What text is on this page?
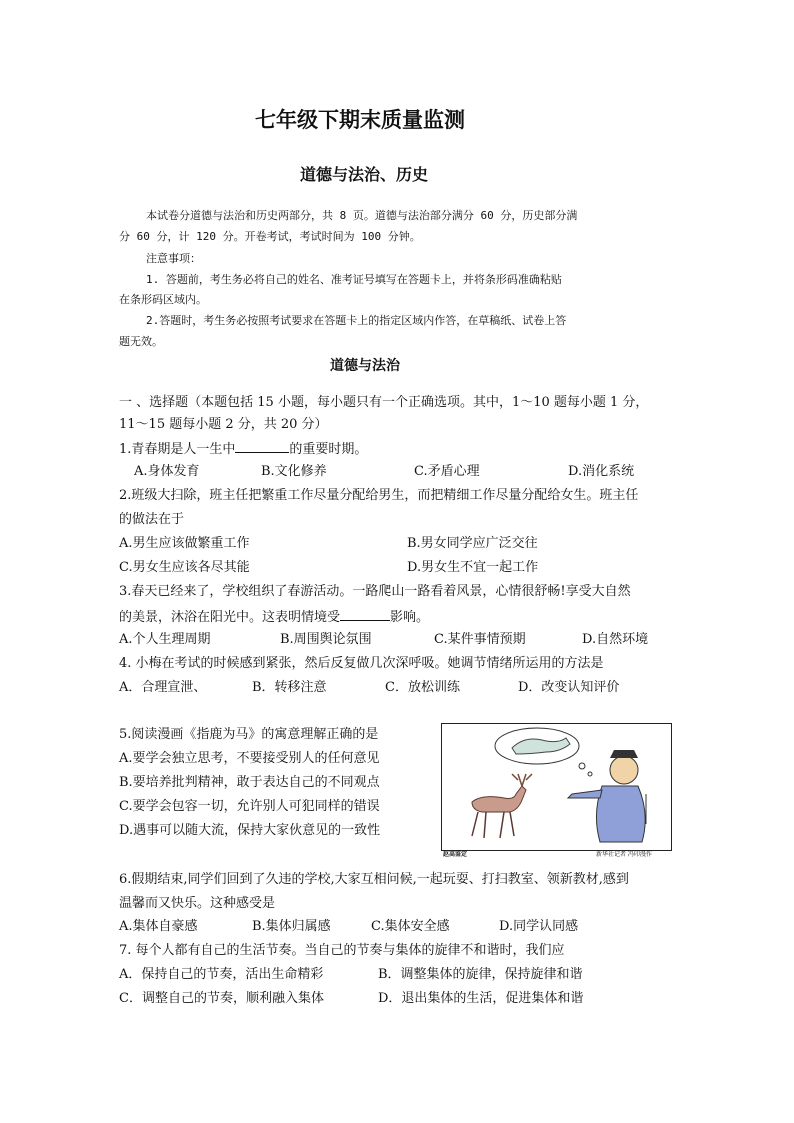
七年级下期末质量监测
道德与法治、历史
本试卷分道德与法治和历史两部分，共 8 页。道德与法治部分满分 60 分，历史部分满
分 60 分，计 120 分。开卷考试，考试时间为 100 分钟。
注意事项：
1. 答题前，考生务必将自己的姓名、准考证号填写在答题卡上，并将条形码准确粘贴
在条形码区域内。
2.答题时，考生务必按照考试要求在答题卡上的指定区域内作答，在草稿纸、试卷上答
题无效。
道德与法治
一 、选择题（本题包括 15 小题，每小题只有一个正确选项。其中，1～10 题每小题 1 分，
11～15 题每小题 2 分，共 20 分）
1.青春期是人一生中	的重要时期。
A.身体发育	B.文化修养	C.矛盾心理	D.消化系统
2.班级大扫除，班主任把繁重工作尽量分配给男生，而把精细工作尽量分配给女生。班主任
的做法在于
A.男生应该做繁重工作	B.男女同学应广泛交往
C.男女生应该各尽其能	D.男女生不宜一起工作
3.春天已经来了，学校组织了春游活动。一路爬山一路看着风景，心情很舒畅!享受大自然
的美景，沐浴在阳光中。这表明情境受	影响。
A.个人生理周期	B.周围舆论氛围	C.某件事情预期	D.自然环境
4. 小梅在考试的时候感到紧张，然后反复做几次深呼吸。她调节情绪所运用的方法是
A．合理宣泄、	B．转移注意	C．放松训练	D．改变认知评价
5.阅读漫画《指鹿为马》的寓意理解正确的是
A.要学会独立思考，不要接受别人的任何意见
B.要培养批判精神，敢于表达自己的不同观点
C.要学会包容一切，允许别人可犯同样的错误
D.遇事可以随大流，保持大家伙意见的一致性
赵高鉴定	新华社记者 冯印漫作
6.假期结束,同学们回到了久违的学校,大家互相问候,一起玩耍、打扫教室、领新教材,感到
温馨而又快乐。这种感受是
A.集体自豪感	B.集体归属感	C.集体安全感	D.同学认同感
7. 每个人都有自己的生活节奏。当自己的节奏与集体的旋律不和谐时，我们应
A．保持自己的节奏，活出生命精彩	B．调整集体的旋律，保持旋律和谐
C．调整自己的节奏，顺利融入集体	D．退出集体的生活，促进集体和谐
